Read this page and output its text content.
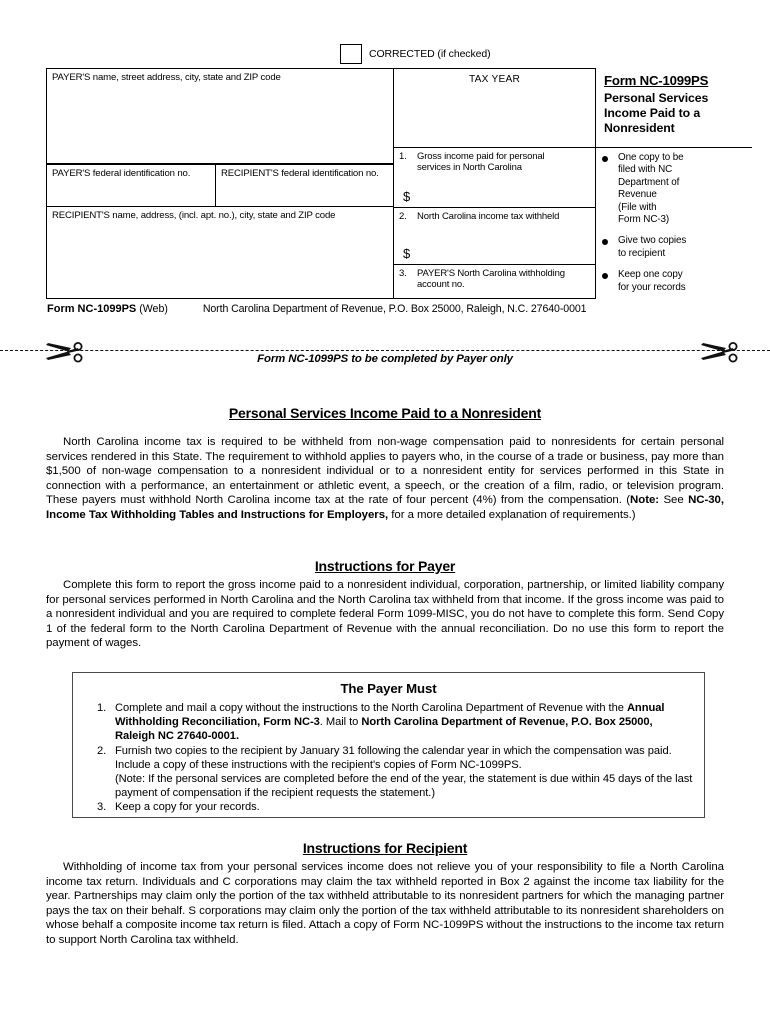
CORRECTED (if checked)
PAYER'S name, street address, city, state and ZIP code
PAYER'S federal identification no.	RECIPIENT'S federal identification no.
RECIPIENT'S name, address, (incl. apt. no.), city, state and ZIP code
TAX YEAR
1. Gross income paid for personal
services in North Carolina
$
2. North Carolina income tax withheld
$
3. PAYER'S North Carolina withholding account no.
Form NC-1099PS
Personal Services
Income Paid to a
Nonresident
One copy to be
filed with NC
Department of
Revenue
(File with
Form NC-3)
Give two copies
to recipient
Keep one copy
for your records
Form NC-1099PS (Web)	North Carolina Department of Revenue, P.O. Box 25000, Raleigh, N.C. 27640-0001
Form NC-1099PS to be completed by Payer only
Personal Services Income Paid to a Nonresident
North Carolina income tax is required to be withheld from non-wage compensation paid to nonresidents for certain personal services rendered in this State. The requirement to withhold applies to payers who, in the course of a trade or business, pay more than $1,500 of non-wage compensation to a nonresident individual or to a nonresident entity for services performed in this State in connection with a performance, an entertainment or athletic event, a speech, or the creation of a film, radio, or television program. These payers must withhold North Carolina income tax at the rate of four percent (4%) from the compensation. (Note: See NC-30, Income Tax Withholding Tables and Instructions for Employers, for a more detailed explanation of requirements.)
Instructions for Payer
Complete this form to report the gross income paid to a nonresident individual, corporation, partnership, or limited liability company for personal services performed in North Carolina and the North Carolina tax withheld from that income. If the gross income was paid to a nonresident individual and you are required to complete federal Form 1099-MISC, you do not have to complete this form. Send Copy 1 of the federal form to the North Carolina Department of Revenue with the annual reconciliation. Do no use this form to report the payment of wages.
The Payer Must
1. Complete and mail a copy without the instructions to the North Carolina Department of Revenue with the Annual Withholding Reconciliation, Form NC-3. Mail to North Carolina Department of Revenue, P.O. Box 25000, Raleigh NC 27640-0001.
2. Furnish two copies to the recipient by January 31 following the calendar year in which the compensation was paid. Include a copy of these instructions with the recipient's copies of Form NC-1099PS.
(Note: If the personal services are completed before the end of the year, the statement is due within 45 days of the last payment of compensation if the recipient requests the statement.)
3. Keep a copy for your records.
Instructions for Recipient
Withholding of income tax from your personal services income does not relieve you of your responsibility to file a North Carolina income tax return. Individuals and C corporations may claim the tax withheld reported in Box 2 against the income tax liability for the year. Partnerships may claim only the portion of the tax withheld attributable to its nonresident partners for which the managing partner pays the tax on their behalf. S corporations may claim only the portion of the tax withheld attributable to its nonresident shareholders on whose behalf a composite income tax return is filed. Attach a copy of Form NC-1099PS without the instructions to the income tax return to support North Carolina tax withheld.
